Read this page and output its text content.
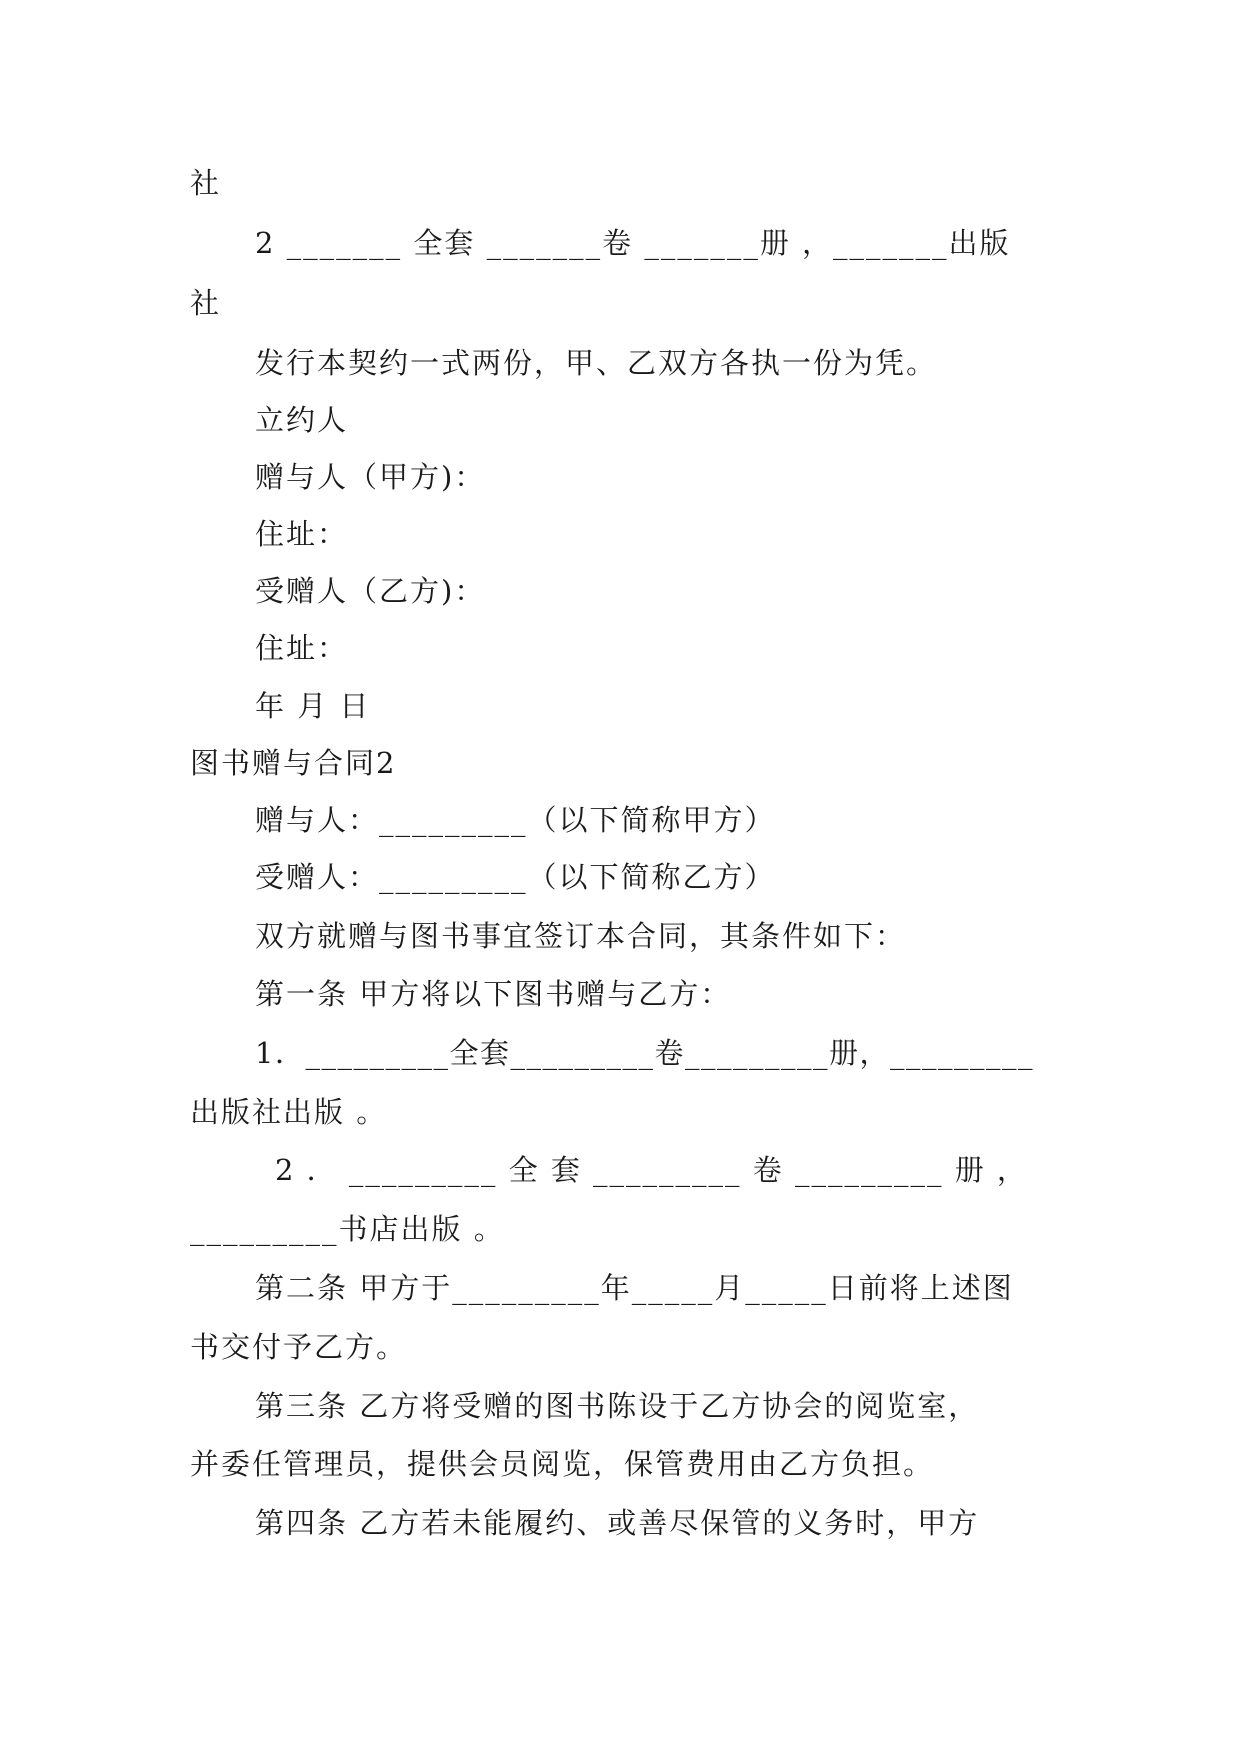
社
2 _______ 全套 _______卷 _______册 ，_______出版
社
发行本契约一式两份，甲、乙双方各执一份为凭。
立约人
赠与人（甲方)：
住址：
受赠人（乙方)：
住址：
年 月 日
图书赠与合同2
赠与人：_________（以下简称甲方）
受赠人：_________（以下简称乙方）
双方就赠与图书事宜签订本合同，其条件如下：
第一条 甲方将以下图书赠与乙方：
1．_________全套_________卷_________册，_________
出版社出版 。
2 ． _________ 全 套 _________ 卷 _________ 册 ，
_________书店出版 。
第二条 甲方于_________年_____月_____日前将上述图
书交付予乙方。
第三条 乙方将受赠的图书陈设于乙方协会的阅览室，
并委任管理员，提供会员阅览，保管费用由乙方负担。
第四条 乙方若未能履约、或善尽保管的义务时，甲方
